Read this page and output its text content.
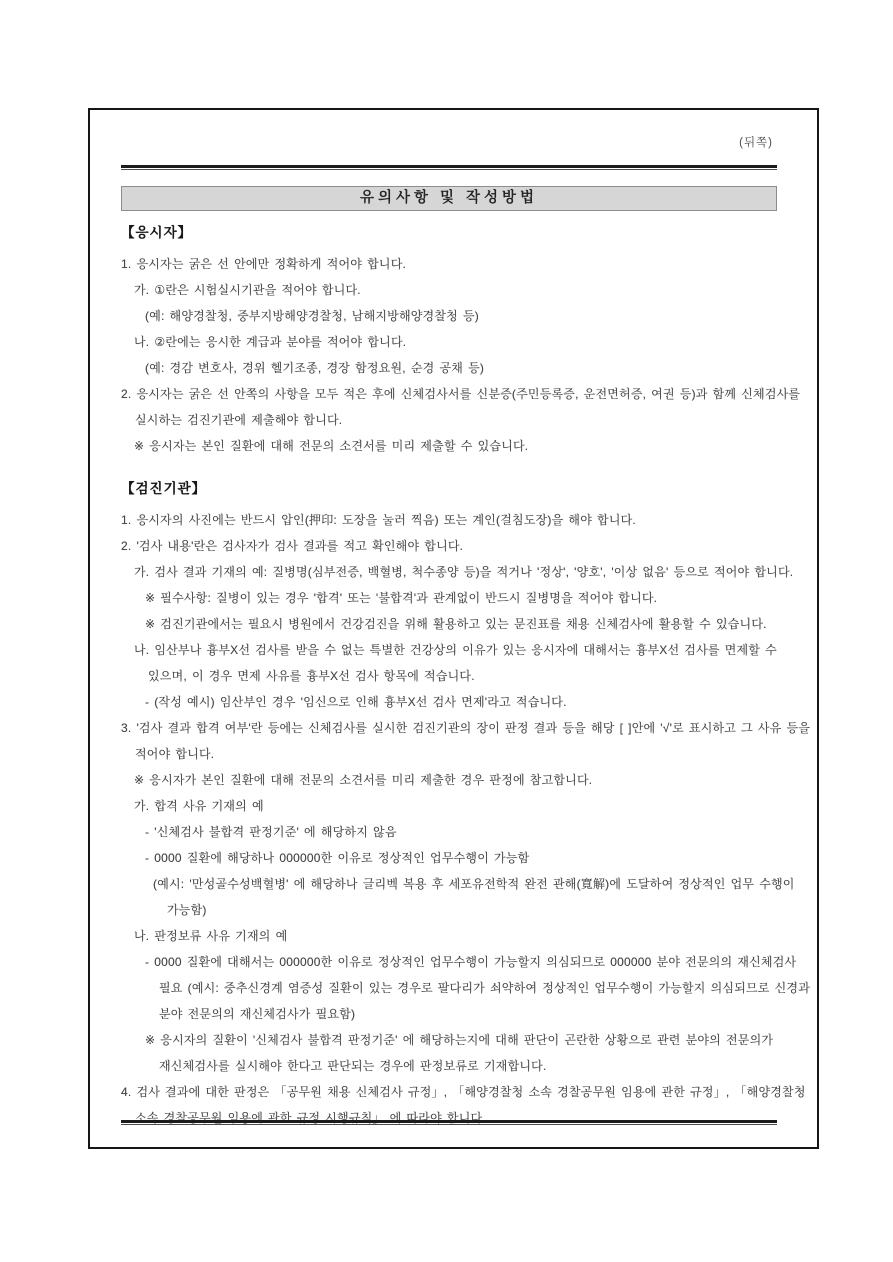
(뒤쪽)
유의사항 및 작성방법
【응시자】
1. 응시자는 굵은 선 안에만 정확하게 적어야 합니다.
가. ①란은 시험실시기관을 적어야 합니다.
(예: 해양경찰청, 중부지방해양경찰청, 남해지방해양경찰청 등)
나. ②란에는 응시한 계급과 분야를 적어야 합니다.
(예: 경감 변호사, 경위 헬기조종, 경장 함정요원, 순경 공채 등)
2. 응시자는 굵은 선 안쪽의 사항을 모두 적은 후에 신체검사서를 신분증(주민등록증, 운전면허증, 여권 등)과 함께 신체검사를 실시하는 검진기관에 제출해야 합니다.
※ 응시자는 본인 질환에 대해 전문의 소견서를 미리 제출할 수 있습니다.
【검진기관】
1. 응시자의 사진에는 반드시 압인(押印: 도장을 눌러 찍음) 또는 계인(걸침도장)을 해야 합니다.
2. '검사 내용'란은 검사자가 검사 결과를 적고 확인해야 합니다.
가. 검사 결과 기재의 예: 질병명(심부전증, 백혈병, 척수종양 등)을 적거나 '정상', '양호', '이상 없음' 등으로 적어야 합니다.
※ 필수사항: 질병이 있는 경우 '합격' 또는 '불합격'과 관계없이 반드시 질병명을 적어야 합니다.
※ 검진기관에서는 필요시 병원에서 건강검진을 위해 활용하고 있는 문진표를 채용 신체검사에 활용할 수 있습니다.
나. 임산부나 흉부X선 검사를 받을 수 없는 특별한 건강상의 이유가 있는 응시자에 대해서는 흉부X선 검사를 면제할 수 있으며, 이 경우 면제 사유를 흉부X선 검사 항목에 적습니다.
- (작성 예시) 임산부인 경우 '임신으로 인해 흉부X선 검사 면제'라고 적습니다.
3. '검사 결과 합격 여부'란 등에는 신체검사를 실시한 검진기관의 장이 판정 결과 등을 해당 [ ]안에 '√'로 표시하고 그 사유 등을 적어야 합니다.
※ 응시자가 본인 질환에 대해 전문의 소견서를 미리 제출한 경우 판정에 참고합니다.
가. 합격 사유 기재의 예
- '신체검사 불합격 판정기준' 에 해당하지 않음
- 0000 질환에 해당하나 000000한 이유로 정상적인 업무수행이 가능함
(예시: '만성골수성백혈병' 에 해당하나 글리벡 복용 후 세포유전학적 완전 관해(寬解)에 도달하여 정상적인 업무 수행이 가능함)
나. 판정보류 사유 기재의 예
- 0000 질환에 대해서는 000000한 이유로 정상적인 업무수행이 가능할지 의심되므로 000000 분야 전문의의 재신체검사 필요 (예시: 중추신경계 염증성 질환이 있는 경우로 팔다리가 쇠약하여 정상적인 업무수행이 가능할지 의심되므로 신경과 분야 전문의의 재신체검사가 필요함)
※ 응시자의 질환이 '신체검사 불합격 판정기준' 에 해당하는지에 대해 판단이 곤란한 상황으로 관련 분야의 전문의가 재신체검사를 실시해야 한다고 판단되는 경우에 판정보류로 기재합니다.
4. 검사 결과에 대한 판정은 「공무원 채용 신체검사 규정」, 「해양경찰청 소속 경찰공무원 임용에 관한 규정」, 「해양경찰청 소속 경찰공무원 임용에 관한 규정 시행규칙」 에 따라야 합니다.
